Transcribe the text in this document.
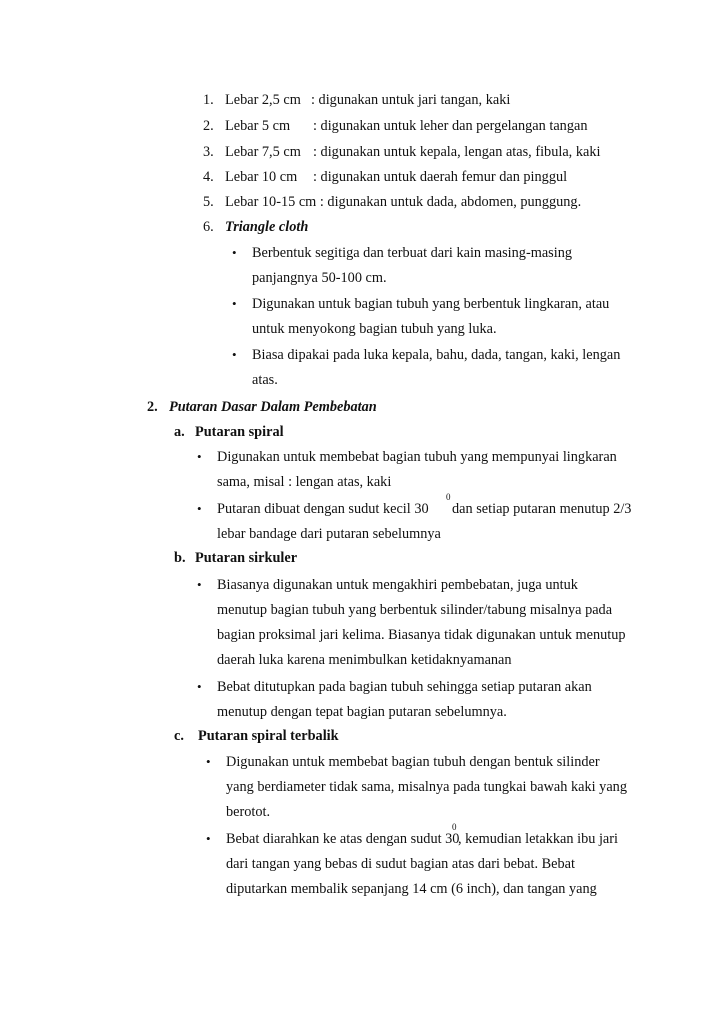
1. Lebar 2,5 cm : digunakan untuk jari tangan, kaki
2. Lebar 5 cm : digunakan untuk leher dan pergelangan tangan
3. Lebar 7,5 cm : digunakan untuk kepala, lengan atas, fibula, kaki
4. Lebar 10 cm : digunakan untuk daerah femur dan pinggul
5. Lebar 10-15 cm : digunakan untuk dada, abdomen, punggung.
6. Triangle cloth
• Berbentuk segitiga dan terbuat dari kain masing-masing
panjangnya 50-100 cm.
• Digunakan untuk bagian tubuh yang berbentuk lingkaran, atau
untuk menyokong bagian tubuh yang luka.
• Biasa dipakai pada luka kepala, bahu, dada, tangan, kaki, lengan
atas.
2. Putaran Dasar Dalam Pembebatan
a. Putaran spiral
• Digunakan untuk membebat bagian tubuh yang mempunyai lingkaran
sama, misal : lengan atas, kaki
• Putaran dibuat dengan sudut kecil 30
0
dan setiap putaran menutup 2/3
lebar bandage dari putaran sebelumnya
b. Putaran sirkuler
• Biasanya digunakan untuk mengakhiri pembebatan, juga untuk
menutup bagian tubuh yang berbentuk silinder/tabung misalnya pada
bagian proksimal jari kelima. Biasanya tidak digunakan untuk menutup
daerah luka karena menimbulkan ketidaknyamanan
• Bebat ditutupkan pada bagian tubuh sehingga setiap putaran akan
menutup dengan tepat bagian putaran sebelumnya.
c. Putaran spiral terbalik
• Digunakan untuk membebat bagian tubuh dengan bentuk silinder
yang berdiameter tidak sama, misalnya pada tungkai bawah kaki yang
berotot.
• Bebat diarahkan ke atas dengan sudut 30
0
, kemudian letakkan ibu jari
dari tangan yang bebas di sudut bagian atas dari bebat. Bebat
diputarkan membalik sepanjang 14 cm (6 inch), dan tangan yang
